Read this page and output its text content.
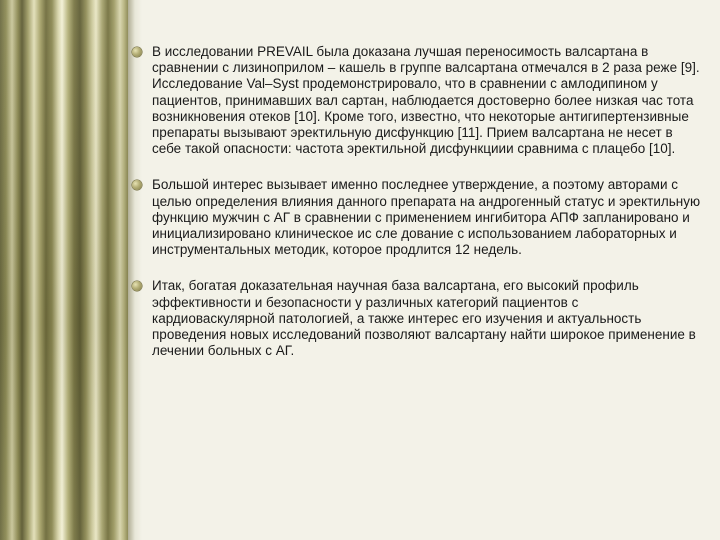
В исследовании PREVAIL была доказана лучшая переносимость валсартана в сравнении с лизиноприлом – кашель в группе валсартана отмечался в 2 раза реже [9].
Исследование Val–Syst продемонстрировало, что в сравнении с амлодипином у пациентов, принимавших вал сартан, наблюдается достоверно более низкая час тота возникновения отеков [10]. Кроме того, известно, что некоторые антигипертензивные препараты вызывают эректильную дисфункцию [11]. Прием валсартана не несет в себе такой опасности: частота эректильной дисфункциии сравнима с плацебо [10].
Большой интерес вызывает именно последнее утверждение, а поэтому авторами с целью определения влияния данного препарата на андрогенный статус и эректильную функцию мужчин с АГ в сравнении с применением ингибитора АПФ запланировано и инициализировано клиническое ис сле дование с использованием лабораторных и инструментальных методик, которое продлится 12 недель.
Итак, богатая доказательная научная база валсартана, его высокий профиль эффективности и безопасности у различных категорий пациентов с кардиоваскулярной патологией, а также интерес его изучения и актуальность проведения новых исследований позволяют валсартану найти широкое применение в лечении больных с АГ.
